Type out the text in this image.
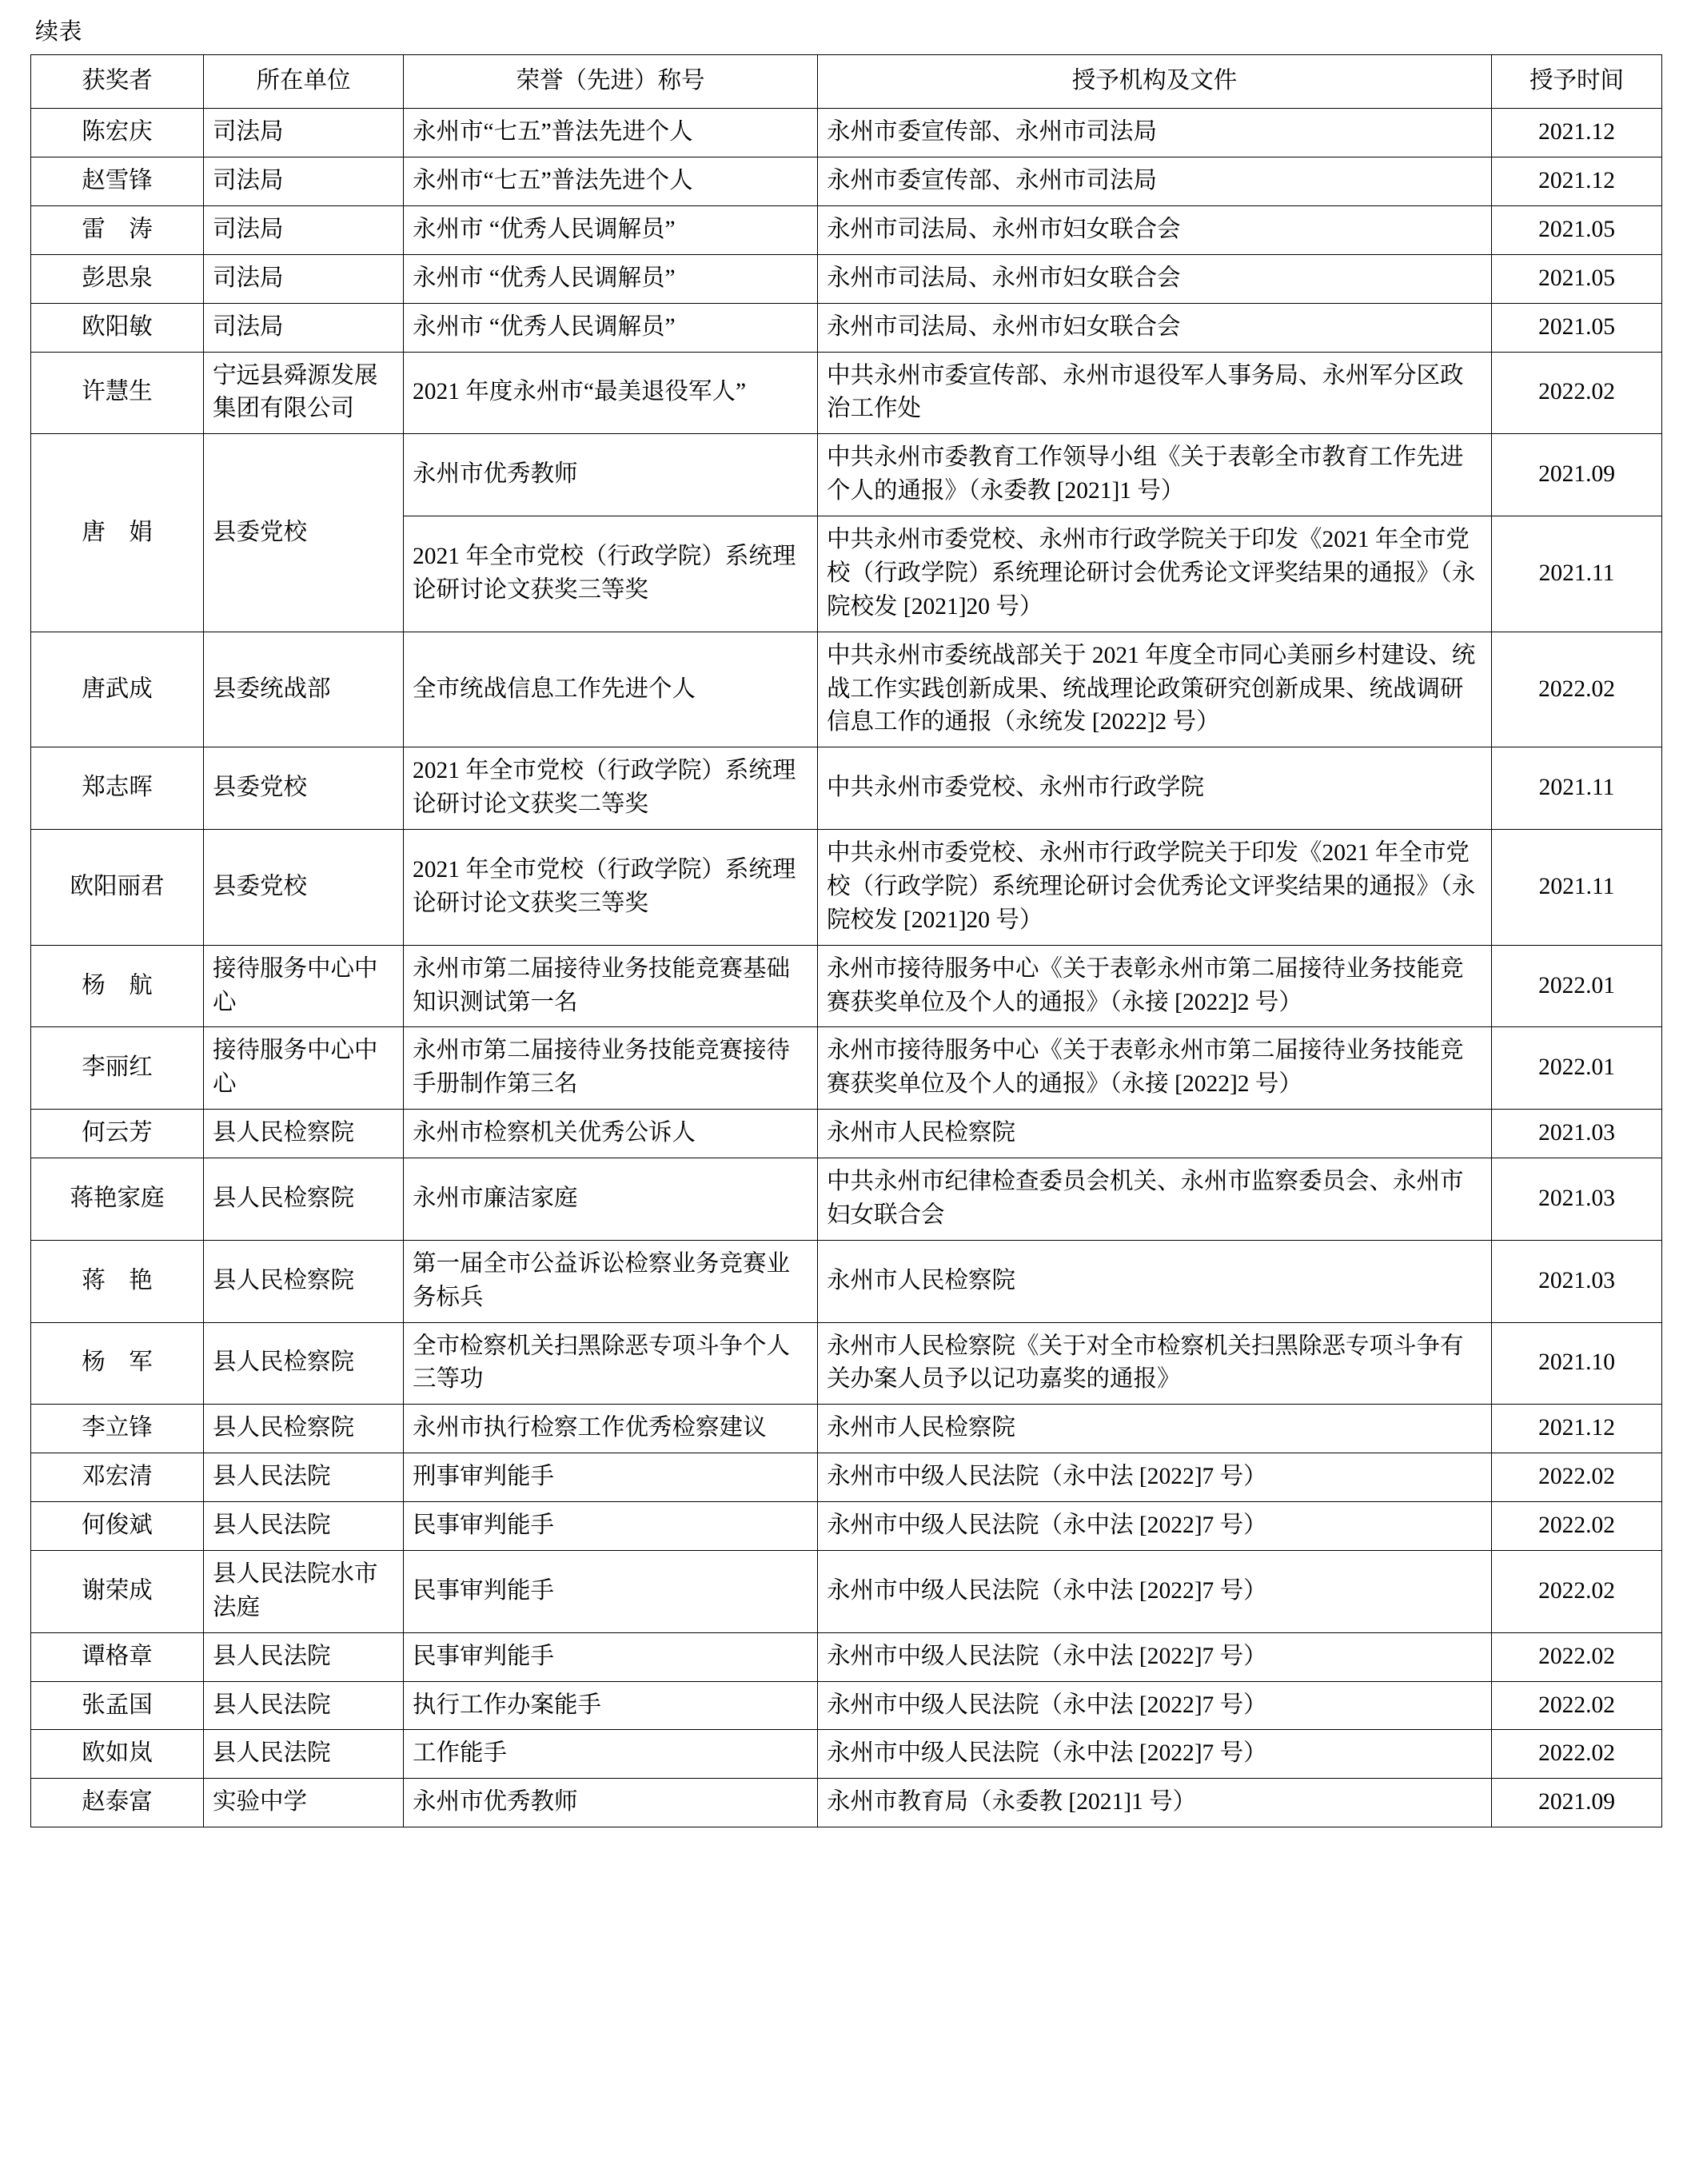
续表
获奖者	所在单位	荣誉（先进）称号	授予机构及文件	授予时间
陈宏庆	司法局	永州市“七五”普法先进个人	永州市委宣传部、永州市司法局	2021.12
赵雪锋	司法局	永州市“七五”普法先进个人	永州市委宣传部、永州市司法局	2021.12
雷　涛	司法局	永州市 “优秀人民调解员”	永州市司法局、永州市妇女联合会	2021.05
彭思泉	司法局	永州市 “优秀人民调解员”	永州市司法局、永州市妇女联合会	2021.05
欧阳敏	司法局	永州市 “优秀人民调解员”	永州市司法局、永州市妇女联合会	2021.05
许慧生	宁远县舜源发展集团有限公司	2021 年度永州市“最美退役军人”	中共永州市委宣传部、永州市退役军人事务局、永州军分区政治工作处	2022.02
唐　娟	县委党校	永州市优秀教师	中共永州市委教育工作领导小组《关于表彰全市教育工作先进个人的通报》（永委教 [2021]1 号）	2021.09
		2021 年全市党校（行政学院）系统理论研讨论文获奖三等奖	中共永州市委党校、永州市行政学院关于印发《2021 年全市党校（行政学院）系统理论研讨会优秀论文评奖结果的通报》（永院校发 [2021]20 号）	2021.11
唐武成	县委统战部	全市统战信息工作先进个人	中共永州市委统战部关于 2021 年度全市同心美丽乡村建设、统战工作实践创新成果、统战理论政策研究创新成果、统战调研信息工作的通报（永统发 [2022]2 号）	2022.02
郑志晖	县委党校	2021 年全市党校（行政学院）系统理论研讨论文获奖二等奖	中共永州市委党校、永州市行政学院	2021.11
欧阳丽君	县委党校	2021 年全市党校（行政学院）系统理论研讨论文获奖三等奖	中共永州市委党校、永州市行政学院关于印发《2021 年全市党校（行政学院）系统理论研讨会优秀论文评奖结果的通报》（永院校发 [2021]20 号）	2021.11
杨　航	接待服务中心中心	永州市第二届接待业务技能竞赛基础知识测试第一名	永州市接待服务中心《关于表彰永州市第二届接待业务技能竞赛获奖单位及个人的通报》（永接 [2022]2 号）	2022.01
李丽红	接待服务中心中心	永州市第二届接待业务技能竞赛接待手册制作第三名	永州市接待服务中心《关于表彰永州市第二届接待业务技能竞赛获奖单位及个人的通报》（永接 [2022]2 号）	2022.01
何云芳	县人民检察院	永州市检察机关优秀公诉人	永州市人民检察院	2021.03
蒋艳家庭	县人民检察院	永州市廉洁家庭	中共永州市纪律检查委员会机关、永州市监察委员会、永州市妇女联合会	2021.03
蒋　艳	县人民检察院	第一届全市公益诉讼检察业务竞赛业务标兵	永州市人民检察院	2021.03
杨　军	县人民检察院	全市检察机关扫黑除恶专项斗争个人三等功	永州市人民检察院《关于对全市检察机关扫黑除恶专项斗争有关办案人员予以记功嘉奖的通报》	2021.10
李立锋	县人民检察院	永州市执行检察工作优秀检察建议	永州市人民检察院	2021.12
邓宏清	县人民法院	刑事审判能手	永州市中级人民法院（永中法 [2022]7 号）	2022.02
何俊斌	县人民法院	民事审判能手	永州市中级人民法院（永中法 [2022]7 号）	2022.02
谢荣成	县人民法院水市法庭	民事审判能手	永州市中级人民法院（永中法 [2022]7 号）	2022.02
谭格章	县人民法院	民事审判能手	永州市中级人民法院（永中法 [2022]7 号）	2022.02
张孟国	县人民法院	执行工作办案能手	永州市中级人民法院（永中法 [2022]7 号）	2022.02
欧如岚	县人民法院	工作能手	永州市中级人民法院（永中法 [2022]7 号）	2022.02
赵泰富	实验中学	永州市优秀教师	永州市教育局（永委教 [2021]1 号）	2021.09
